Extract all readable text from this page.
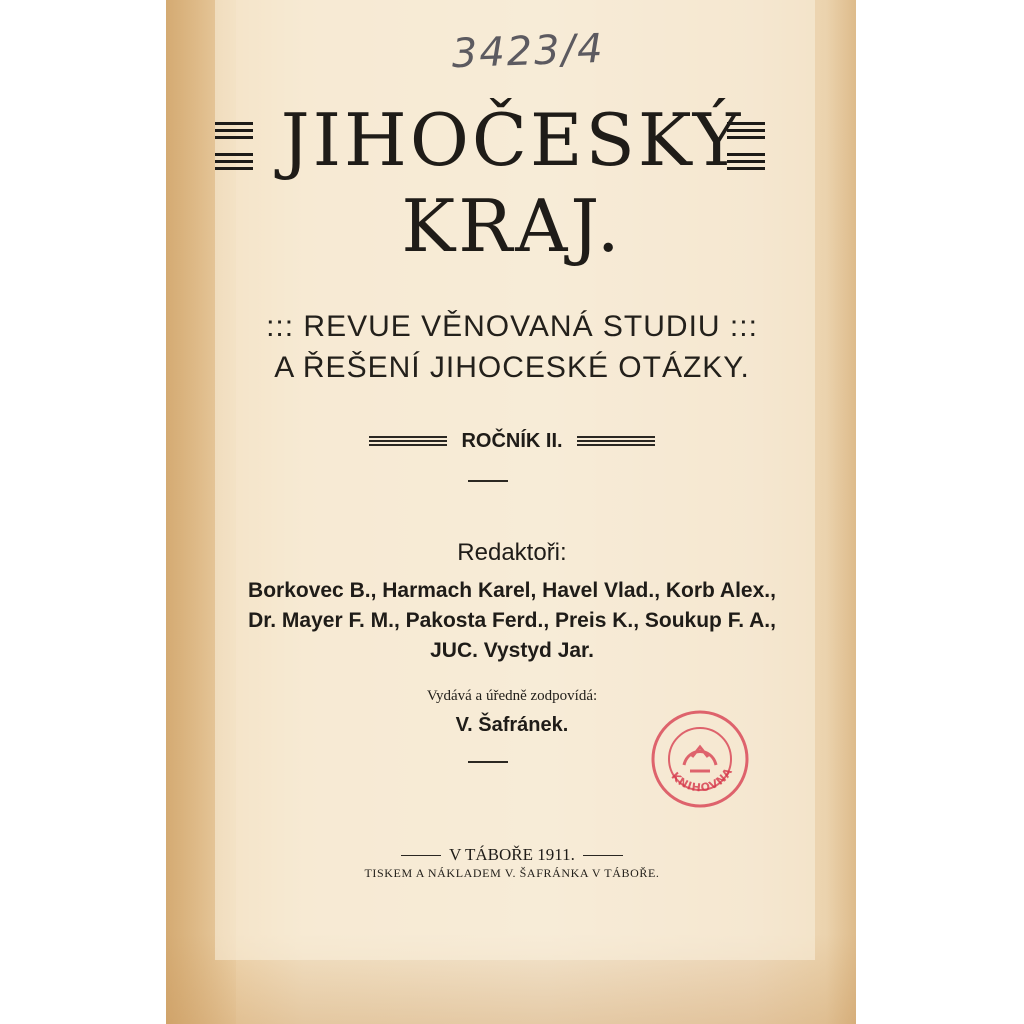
3423/4
JIHOČESKÝ
KRAJ.
::: REVUE VĚNOVANÁ STUDIU :::
A ŘEŠENÍ JIHOCESKÉ OTÁZKY.
ROČNÍK II.
Redaktoři:
Borkovec B., Harmach Karel, Havel Vlad., Korb Alex.,
Dr. Mayer F. M., Pakosta Ferd., Preis K., Soukup F. A.,
JUC. Vystyd Jar.
Vydává a úředně zodpovídá:
V. Šafránek.
KNIHOVNA
V TÁBOŘE 1911.
TISKEM A NÁKLADEM V. ŠAFRÁNKA V TÁBOŘE.
